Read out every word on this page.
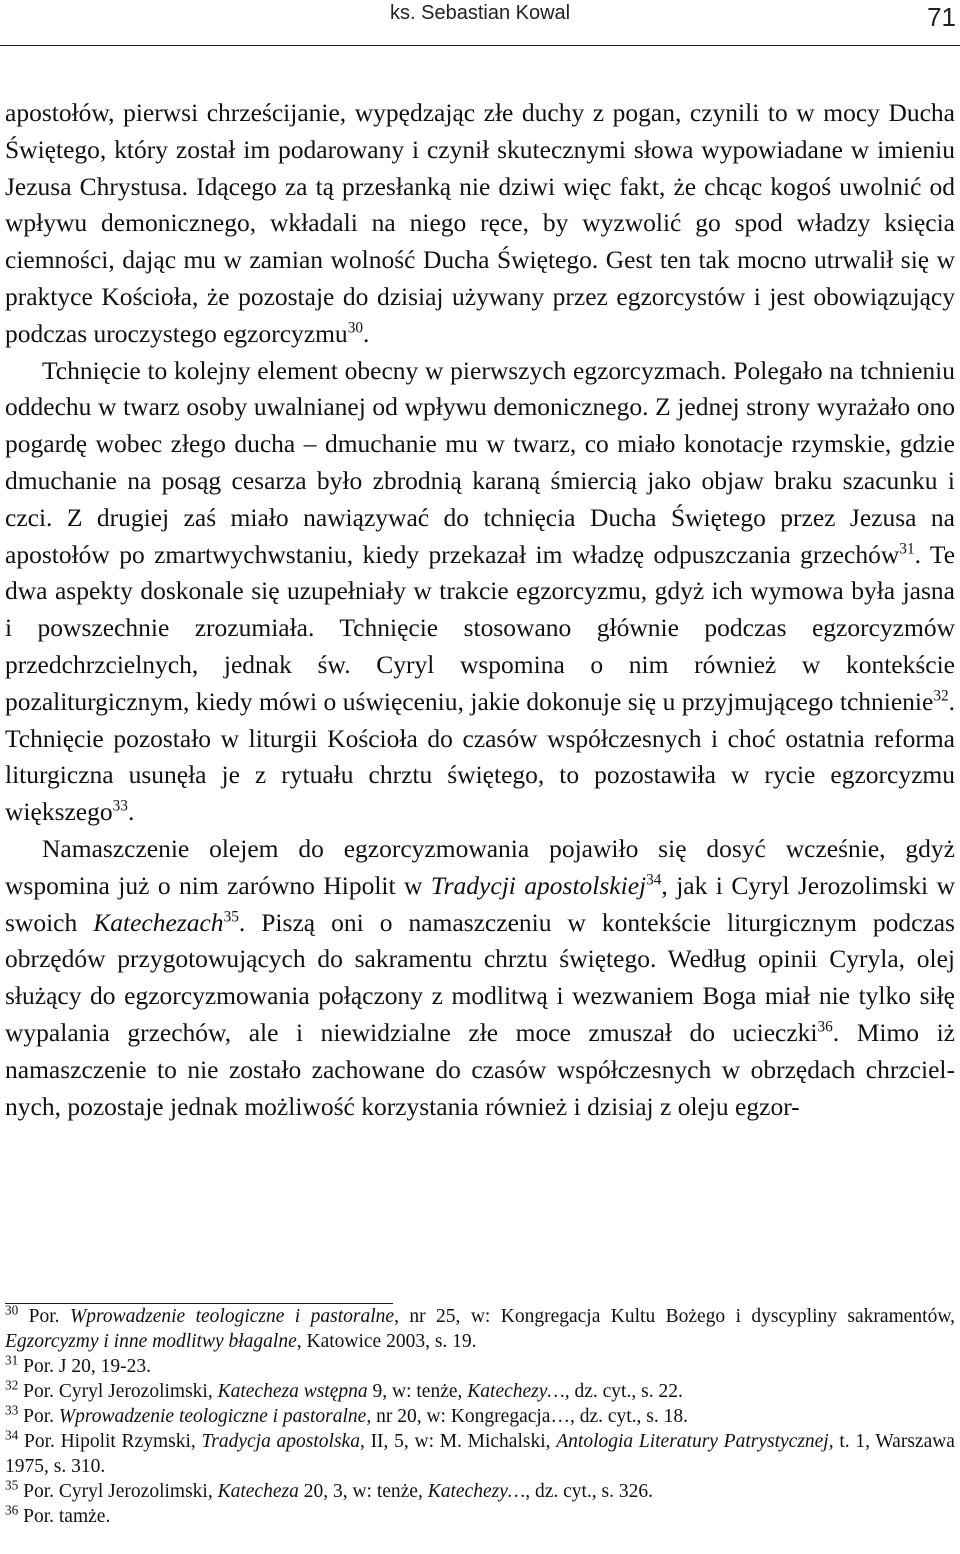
ks. Sebastian Kowal	71

apostołów, pierwsi chrześcijanie, wypędzając złe duchy z pogan, czynili to w mocy Ducha Świętego, który został im podarowany i czynił skutecznymi słowa wypowiadane w imieniu Jezusa Chrystusa. Idącego za tą przesłanką nie dziwi więc fakt, że chcąc kogoś uwolnić od wpływu demonicznego, wkładali na niego ręce, by wyzwolić go spod władzy księcia ciemności, dając mu w zamian wolność Ducha Świętego. Gest ten tak mocno utrwalił się w praktyce Kościoła, że pozostaje do dzisiaj używany przez egzorcystów i jest obowiązujący podczas uroczystego egzorcyzmu$^{30}$.

Tchnięcie to kolejny element obecny w pierwszych egzorcyzmach. Polegało na tchnieniu oddechu w twarz osoby uwalnianej od wpływu demonicznego. Z jednej strony wyrażało ono pogardę wobec złego ducha – dmuchanie mu w twarz, co miało konotacje rzymskie, gdzie dmuchanie na posąg cesarza było zbrodnią karaną śmiercią jako objaw braku szacunku i czci. Z drugiej zaś miało nawiązywać do tchnięcia Ducha Świętego przez Jezusa na apostołów po zmartwychwstaniu, kiedy przekazał im władzę odpuszczania grzechów$^{31}$. Te dwa aspekty doskonale się uzupełniały w trakcie egzorcyzmu, gdyż ich wymowa była jasna i powszechnie zrozumiała. Tchnięcie stosowano głównie podczas egzorcyzmów przedchrzcielnych, jednak św. Cyryl wspomina o nim również w kontekście pozaliturgicznym, kiedy mówi o uświęceniu, jakie dokonuje się u przyjmującego tchnienie$^{32}$. Tchnięcie pozostało w liturgii Kościoła do czasów współczesnych i choć ostatnia reforma liturgiczna usunęła je z rytuału chrztu świętego, to pozostawiła w rycie egzorcyzmu większego$^{33}$.

Namaszczenie olejem do egzorcyzmowania pojawiło się dosyć wcześnie, gdyż wspomina już o nim zarówno Hipolit w Tradycji apostolskiej$^{34}$, jak i Cyryl Jerozolimski w swoich Katechezach$^{35}$. Piszą oni o namaszczeniu w kontekście liturgicznym podczas obrzędów przygotowujących do sakramentu chrztu świętego. Według opinii Cyryla, olej służący do egzorcyzmowania połączony z modlitwą i wezwaniem Boga miał nie tylko siłę wypalania grzechów, ale i niewidzialne złe moce zmuszał do ucieczki$^{36}$. Mimo iż namaszczenie to nie zostało zachowane do czasów współczesnych w obrzędach chrzcielnych, pozostaje jednak możliwość korzystania również i dzisiaj z oleju egzor-

$^{30}$ Por. Wprowadzenie teologiczne i pastoralne, nr 25, w: Kongregacja Kultu Bożego i dyscypliny sakramentów, Egzorcyzmy i inne modlitwy błagalne, Katowice 2003, s. 19.

$^{31}$ Por. J 20, 19-23.

$^{32}$ Por. Cyryl Jerozolimski, Katecheza wstępna 9, w: tenże, Katechezy…, dz. cyt., s. 22.

$^{33}$ Por. Wprowadzenie teologiczne i pastoralne, nr 20, w: Kongregacja…, dz. cyt., s. 18.

$^{34}$ Por. Hipolit Rzymski, Tradycja apostolska, II, 5, w: M. Michalski, Antologia Literatury Patrystycznej, t. 1, Warszawa 1975, s. 310.

$^{35}$ Por. Cyryl Jerozolimski, Katecheza 20, 3, w: tenże, Katechezy…, dz. cyt., s. 326.

$^{36}$ Por. tamże.
